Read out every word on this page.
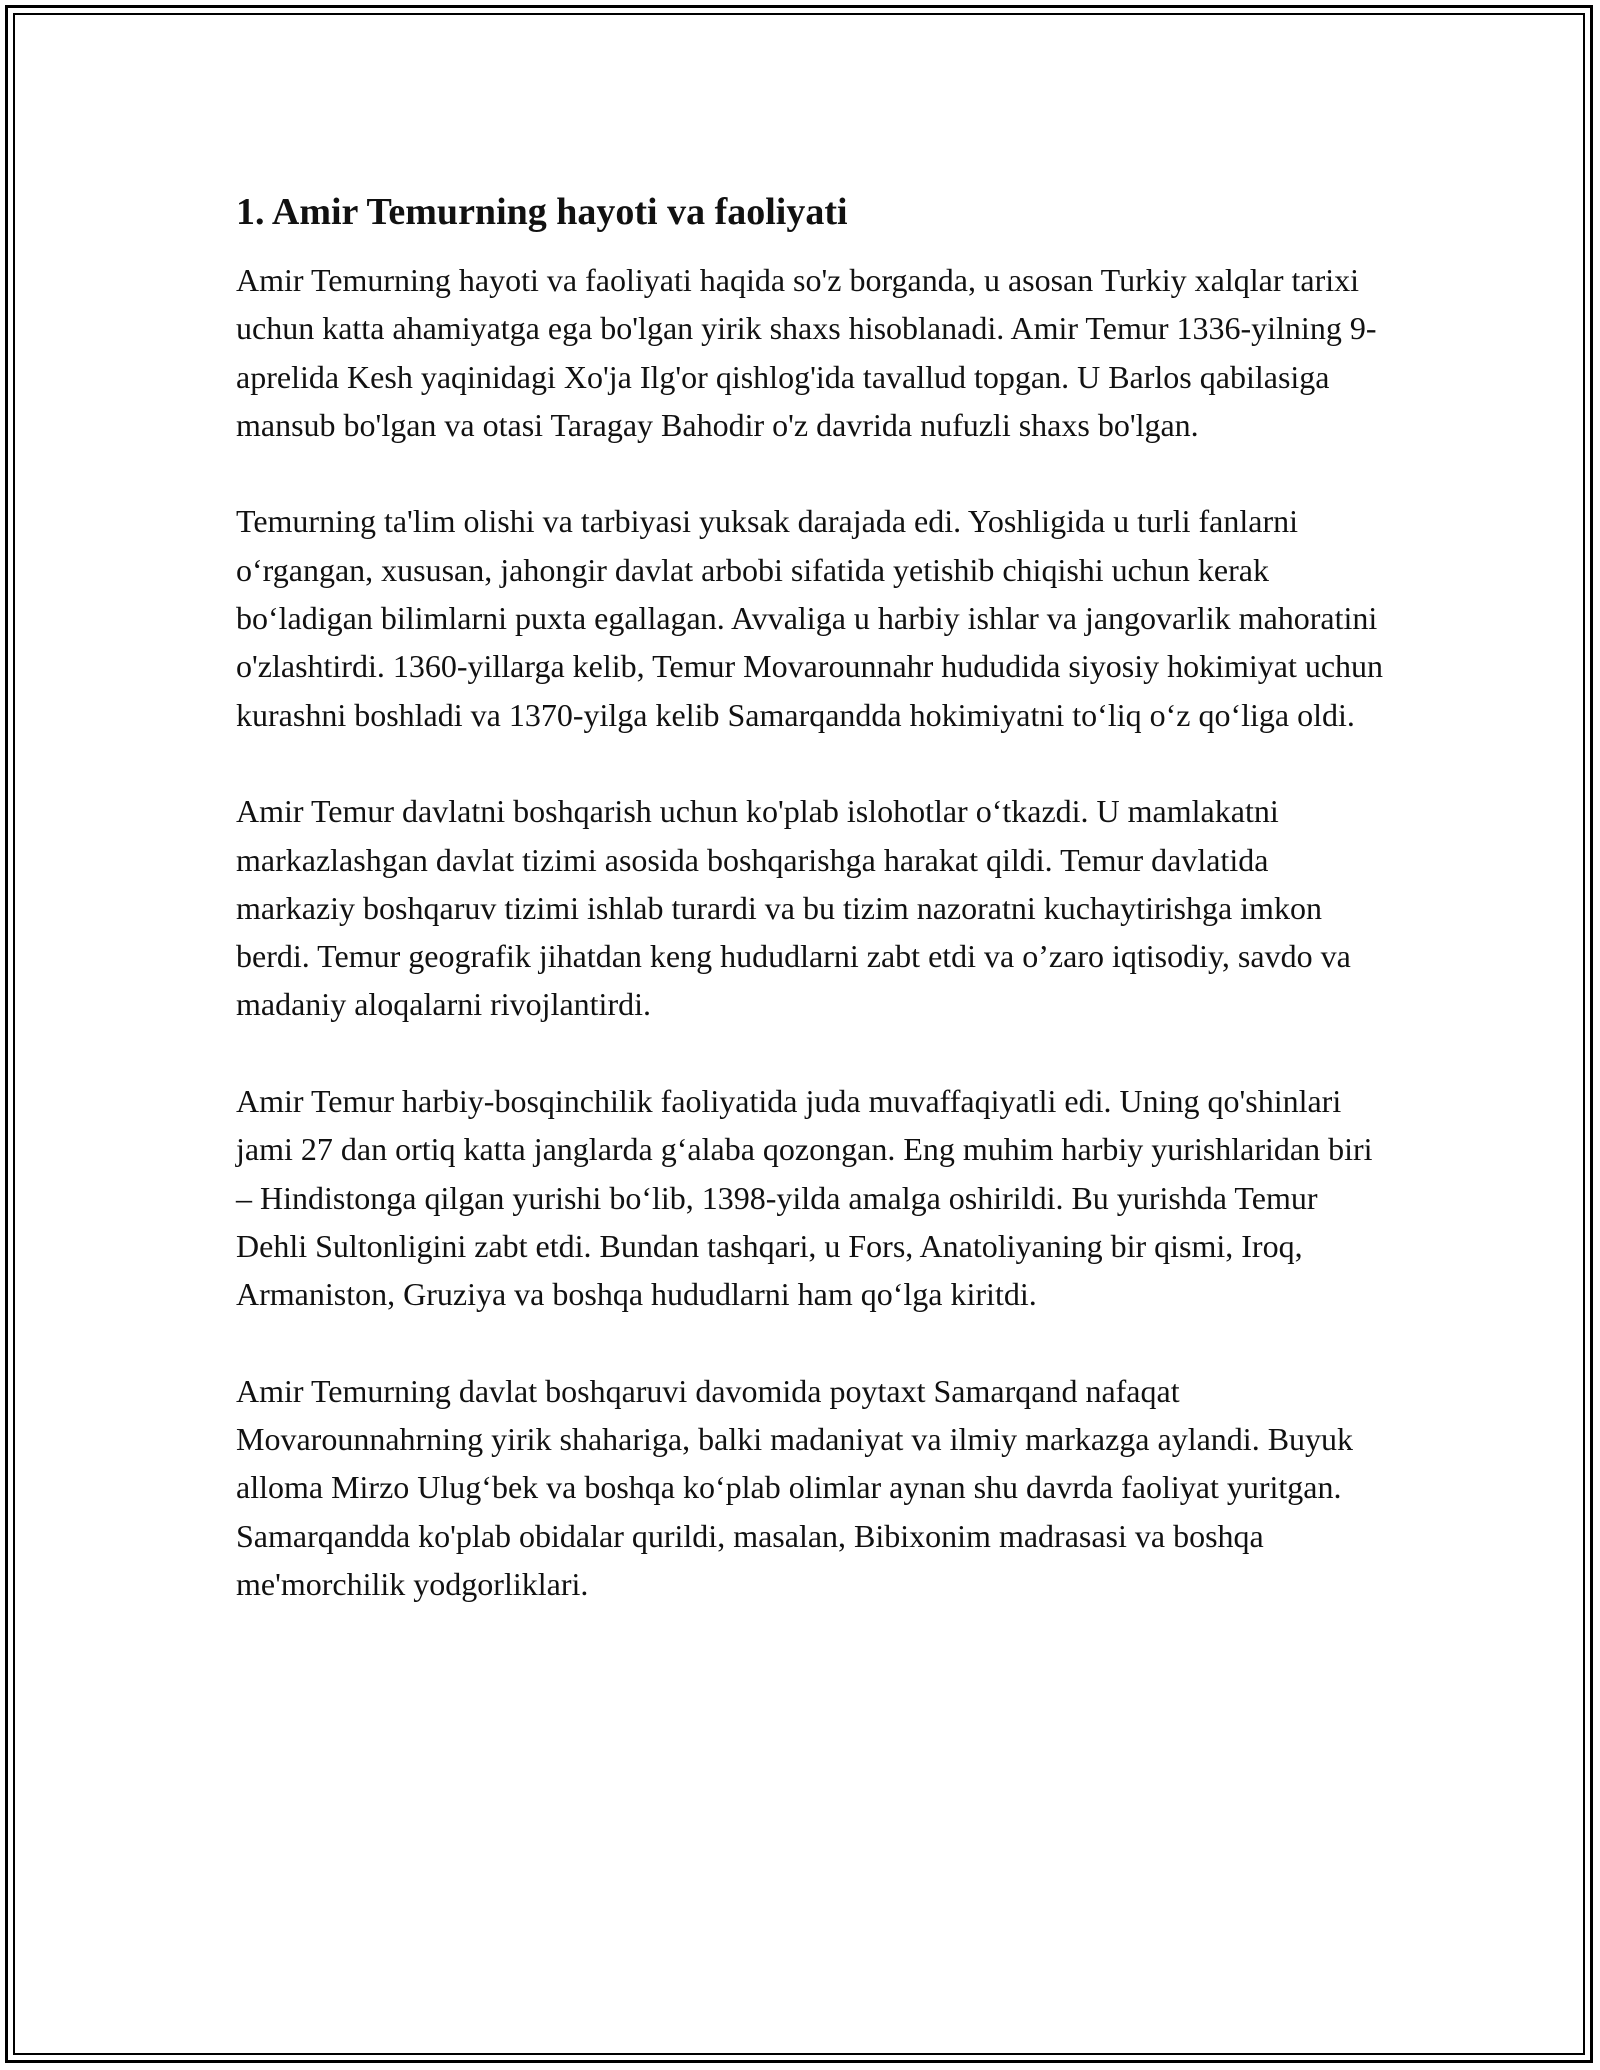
1. Amir Temurning hayoti va faoliyati

Amir Temurning hayoti va faoliyati haqida so'z borganda, u asosan Turkiy xalqlar tarixi uchun katta ahamiyatga ega bo'lgan yirik shaxs hisoblanadi. Amir Temur 1336-yilning 9-aprelida Kesh yaqinidagi Xo'ja Ilg'or qishlog'ida tavallud topgan. U Barlos qabilasiga mansub bo'lgan va otasi Taragay Bahodir o'z davrida nufuzli shaxs bo'lgan.

Temurning ta'lim olishi va tarbiyasi yuksak darajada edi. Yoshligida u turli fanlarni o‘rgangan, xususan, jahongir davlat arbobi sifatida yetishib chiqishi uchun kerak bo‘ladigan bilimlarni puxta egallagan. Avvaliga u harbiy ishlar va jangovarlik mahoratini o'zlashtirdi. 1360-yillarga kelib, Temur Movarounnahr hududida siyosiy hokimiyat uchun kurashni boshladi va 1370-yilga kelib Samarqandda hokimiyatni to‘liq o‘z qo‘liga oldi.

Amir Temur davlatni boshqarish uchun ko'plab islohotlar o‘tkazdi. U mamlakatni markazlashgan davlat tizimi asosida boshqarishga harakat qildi. Temur davlatida markaziy boshqaruv tizimi ishlab turardi va bu tizim nazoratni kuchaytirishga imkon berdi. Temur geografik jihatdan keng hududlarni zabt etdi va o’zaro iqtisodiy, savdo va madaniy aloqalarni rivojlantirdi.

Amir Temur harbiy-bosqinchilik faoliyatida juda muvaffaqiyatli edi. Uning qo'shinlari jami 27 dan ortiq katta janglarda g‘alaba qozongan. Eng muhim harbiy yurishlaridan biri – Hindistonga qilgan yurishi bo‘lib, 1398-yilda amalga oshirildi. Bu yurishda Temur Dehli Sultonligini zabt etdi. Bundan tashqari, u Fors, Anatoliyaning bir qismi, Iroq, Armaniston, Gruziya va boshqa hududlarni ham qo‘lga kiritdi.

Amir Temurning davlat boshqaruvi davomida poytaxt Samarqand nafaqat Movarounnahrning yirik shahariga, balki madaniyat va ilmiy markazga aylandi. Buyuk alloma Mirzo Ulug‘bek va boshqa ko‘plab olimlar aynan shu davrda faoliyat yuritgan. Samarqandda ko'plab obidalar qurildi, masalan, Bibixonim madrasasi va boshqa me'morchilik yodgorliklari.
